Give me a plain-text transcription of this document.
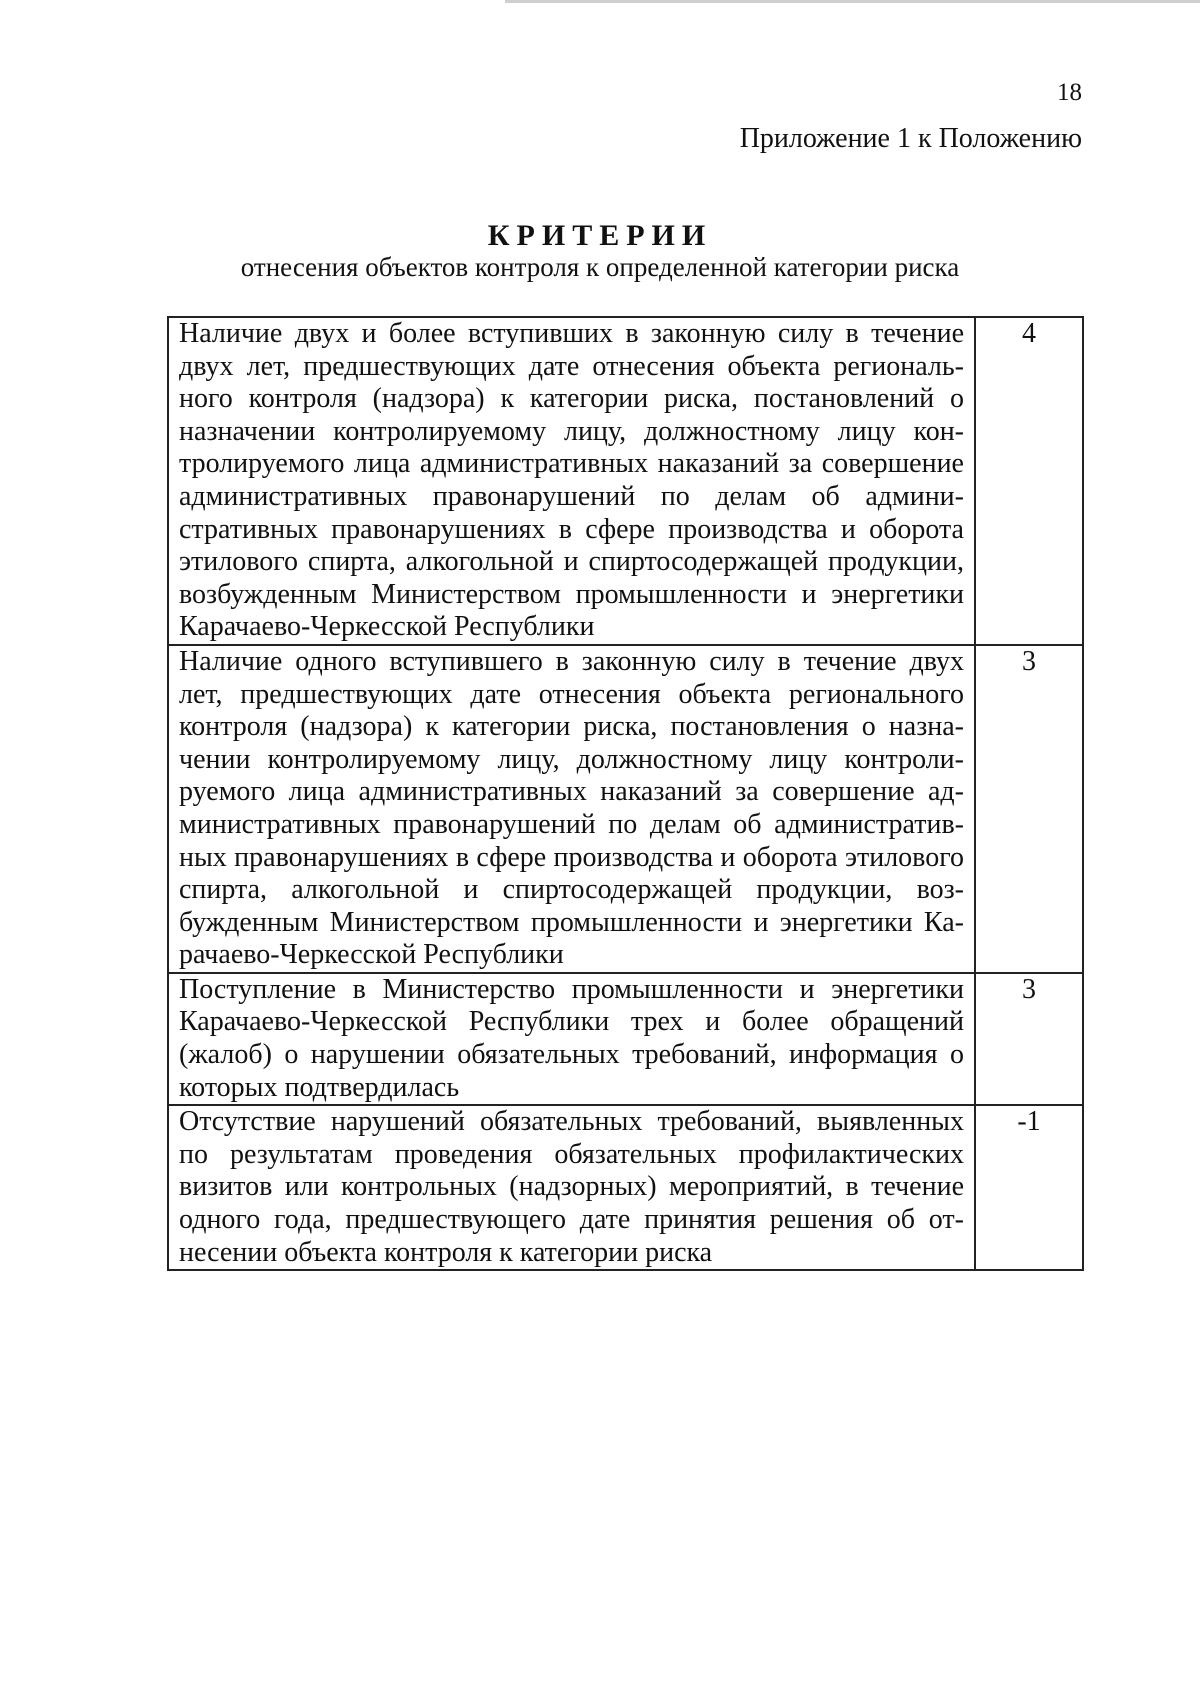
18
Приложение 1 к Положению
КРИТЕРИИ
отнесения объектов контроля к определенной категории риска
Наличие двух и более вступивших в законную силу в течение двух лет, предшествующих дате отнесения объекта регионального контроля (надзора) к категории риска, постановлений о назначении контролируемому лицу, должностному лицу контролируемого лица административных наказаний за совершение административных правонарушений по делам об административных правонарушениях в сфере производства и оборота этилового спирта, алкогольной и спиртосодержащей продукции, возбужденным Министерством промышленности и энергетики Карачаево-Черкесской Республики	4
Наличие одного вступившего в законную силу в течение двух лет, предшествующих дате отнесения объекта регионального контроля (надзора) к категории риска, постановления о назначении контролируемому лицу, должностному лицу контролируемого лица административных наказаний за совершение административных правонарушений по делам об административных правонарушениях в сфере производства и оборота этилового спирта, алкогольной и спиртосодержащей продукции, возбужденным Министерством промышленности и энергетики Карачаево-Черкесской Республики	3
Поступление в Министерство промышленности и энергетики Карачаево-Черкесской Республики трех и более обращений (жалоб) о нарушении обязательных требований, информация о которых подтвердилась	3
Отсутствие нарушений обязательных требований, выявленных по результатам проведения обязательных профилактических визитов или контрольных (надзорных) мероприятий, в течение одного года, предшествующего дате принятия решения об отнесении объекта контроля к категории риска	-1
